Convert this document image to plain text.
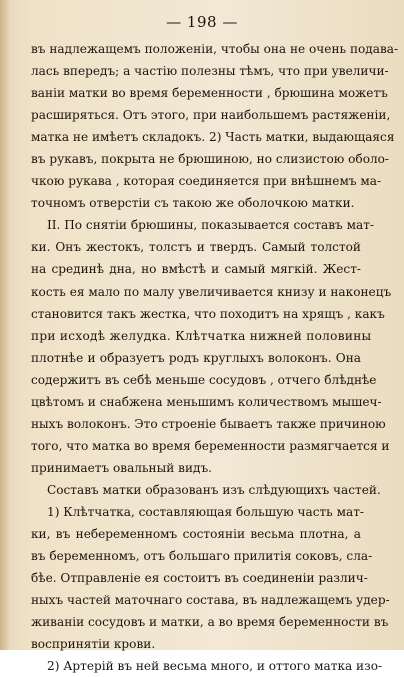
— 198 —
въ надлежащемъ положенiи, чтобы она не очень подава-
лась впередъ; а частiю полезны тѣмъ, что при увеличи-
ванiи матки во время беременности , брюшина можетъ
расширяться. Отъ этого, при наибольшемъ растяженiи,
матка не имѣетъ складокъ. 2) Часть матки, выдающаяся
въ рукавъ, покрыта не брюшиною, но слизистою оболо-
чкою рукава , которая соединяется при внѣшнемъ ма-
точномъ отверстiи съ такою же оболочкою матки.
II. По снятiи брюшины, показывается составъ мат-
ки. Онъ жестокъ, толстъ и твердъ. Самый толстой
на срединѣ дна, но вмѣстѣ и самый мягкiй. Жест-
кость ея мало по малу увеличивается книзу и наконецъ
становится такъ жестка, что походитъ на хрящъ , какъ
при исходѣ желудка. Клѣтчатка нижней половины
плотнѣе и образуетъ родъ круглыхъ волоконъ. Она
содержитъ въ себѣ меньше сосудовъ , отчего блѣднѣе
цвѣтомъ и снабжена меньшимъ количествомъ мышеч-
ныхъ волоконъ. Это строенiе бываетъ также причиною
того, что матка во время беременности размягчается и
принимаетъ овальный видъ.
Составъ матки образованъ изъ слѣдующихъ частей.
1) Клѣтчатка, составляющая большую часть мат-
ки, въ небеременномъ состоянiи весьма плотна, а
въ беременномъ, отъ большаго прилитiя соковъ, сла-
бѣе. Отправленiе ея состоитъ въ соединенiи различ-
ныхъ частей маточнаго состава, въ надлежащемъ удер-
живанiи сосудовъ и матки, а во время беременности въ
воспринятiи крови.
2) Артерiй въ ней весьма много, и оттого матка изо-
